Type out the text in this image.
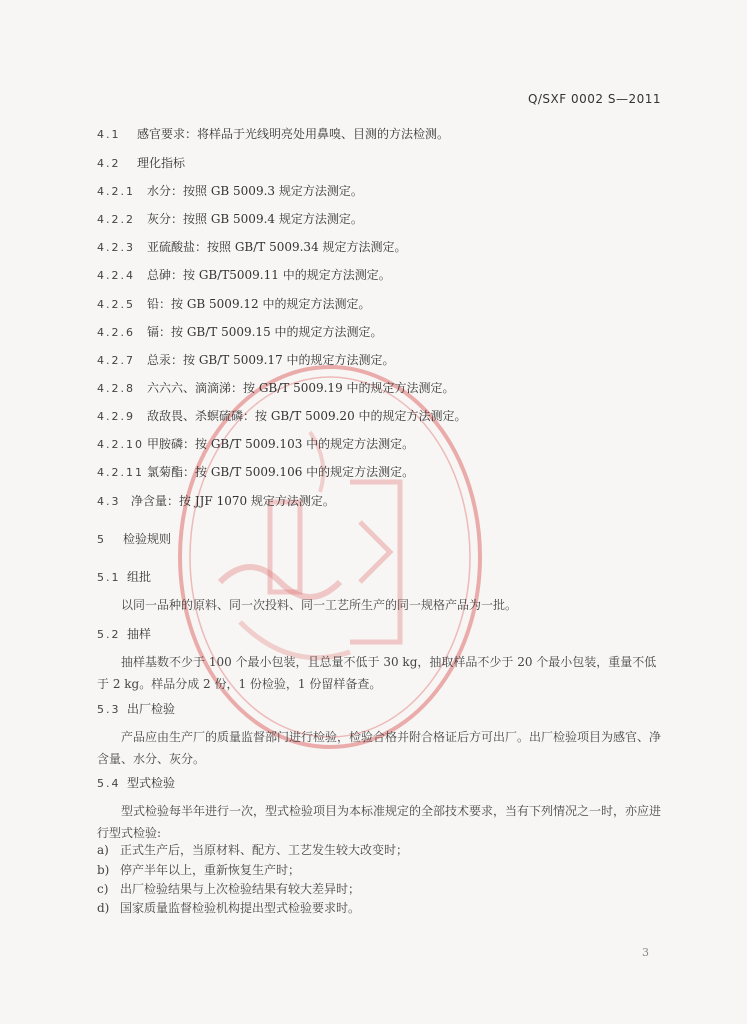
Q/SXF 0002 S—2011
4.1 感官要求：将样品于光线明亮处用鼻嗅、目测的方法检测。
4.2 理化指标
4.2.1 水分：按照 GB 5009.3 规定方法测定。
4.2.2 灰分：按照 GB 5009.4 规定方法测定。
4.2.3 亚硫酸盐：按照 GB/T 5009.34 规定方法测定。
4.2.4 总砷：按 GB/T5009.11 中的规定方法测定。
4.2.5 铅：按 GB 5009.12 中的规定方法测定。
4.2.6 镉：按 GB/T 5009.15 中的规定方法测定。
4.2.7 总汞：按 GB/T 5009.17 中的规定方法测定。
4.2.8 六六六、滴滴涕：按 GB/T 5009.19 中的规定方法测定。
4.2.9 敌敌畏、杀螟硫磷：按 GB/T 5009.20 中的规定方法测定。
4.2.10 甲胺磷：按 GB/T 5009.103 中的规定方法测定。
4.2.11 氯菊酯：按 GB/T 5009.106 中的规定方法测定。
4.3 净含量：按 JJF 1070 规定方法测定。
5 检验规则
5.1 组批
以同一品种的原料、同一次投料、同一工艺所生产的同一规格产品为一批。
5.2 抽样
抽样基数不少于 100 个最小包装，且总量不低于 30 kg，抽取样品不少于 20 个最小包装，重量不低于 2 kg。样品分成 2 份，1 份检验，1 份留样备查。
5.3 出厂检验
产品应由生产厂的质量监督部门进行检验，检验合格并附合格证后方可出厂。出厂检验项目为感官、净含量、水分、灰分。
5.4 型式检验
型式检验每半年进行一次，型式检验项目为本标准规定的全部技术要求，当有下列情况之一时，亦应进行型式检验:
a) 正式生产后，当原材料、配方、工艺发生较大改变时；
b) 停产半年以上，重新恢复生产时；
c) 出厂检验结果与上次检验结果有较大差异时；
d) 国家质量监督检验机构提出型式检验要求时。
3
